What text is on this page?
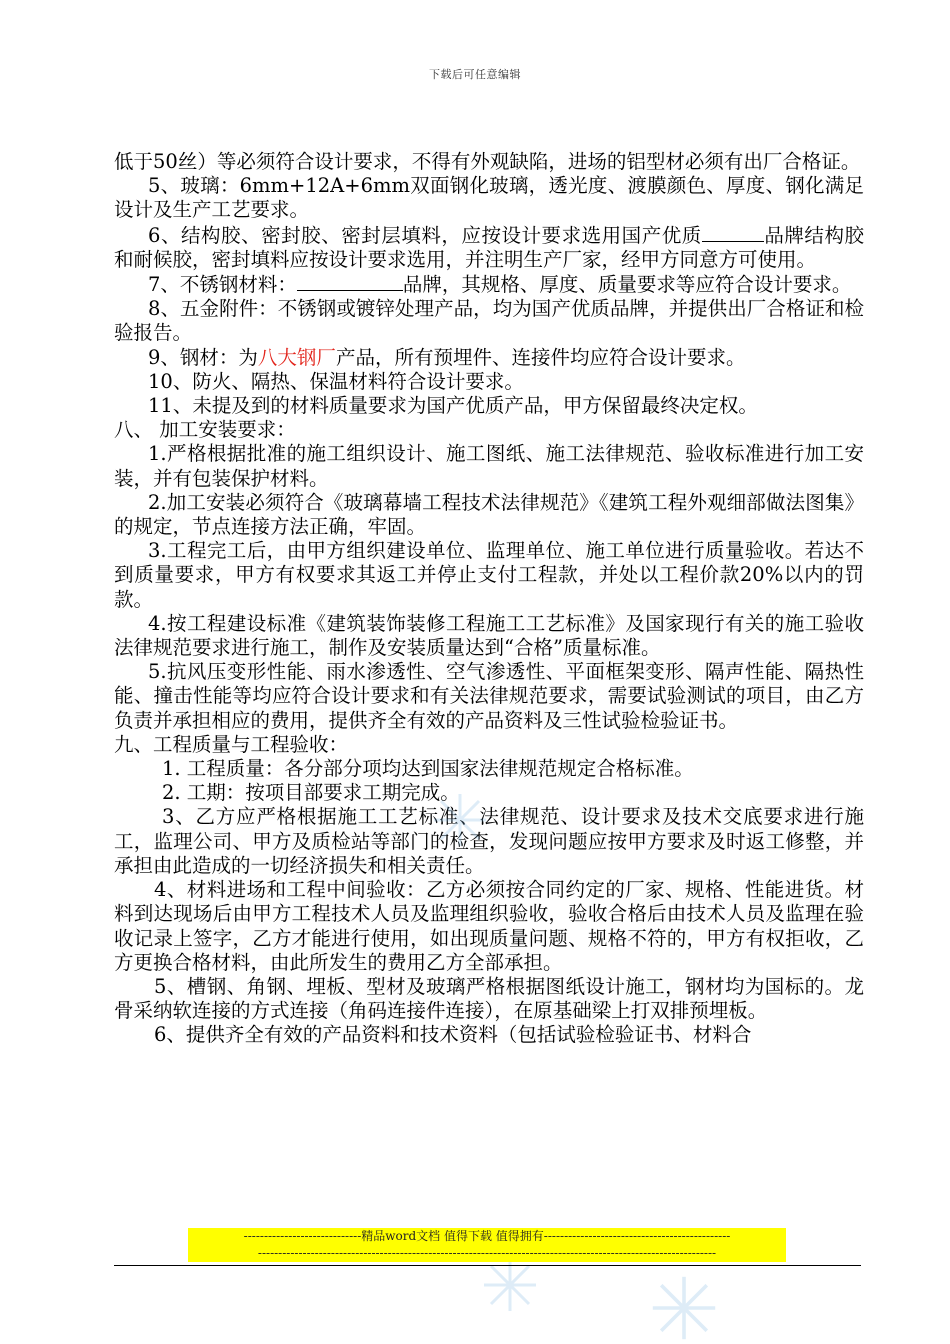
下载后可任意编辑

低于50丝）等必须符合设计要求，不得有外观缺陷，进场的铝型材必须有出厂合格证。

5、玻璃：6mm+12A+6mm双面钢化玻璃，透光度、渡膜颜色、厚度、钢化满足设计及生产工艺要求。

6、结构胶、密封胶、密封层填料，应按设计要求选用国产优质	品牌结构胶和耐候胶，密封填料应按设计要求选用，并注明生产厂家，经甲方同意方可使用。

7、不锈钢材料：	品牌，其规格、厚度、质量要求等应符合设计要求。

8、五金附件：不锈钢或镀锌处理产品，均为国产优质品牌，并提供出厂合格证和检验报告。

9、钢材：为八大钢厂产品，所有预埋件、连接件均应符合设计要求。

10、防火、隔热、保温材料符合设计要求。

11、未提及到的材料质量要求为国产优质产品，甲方保留最终决定权。

八、 加工安装要求：

1.严格根据批准的施工组织设计、施工图纸、施工法律规范、验收标准进行加工安装，并有包装保护材料。

2.加工安装必须符合《玻璃幕墙工程技术法律规范》《建筑工程外观细部做法图集》的规定，节点连接方法正确，牢固。

3.工程完工后，由甲方组织建设单位、监理单位、施工单位进行质量验收。若达不到质量要求，甲方有权要求其返工并停止支付工程款，并处以工程价款20%以内的罚款。

4.按工程建设标准《建筑装饰装修工程施工工艺标准》及国家现行有关的施工验收法律规范要求进行施工，制作及安装质量达到“合格”质量标准。

5.抗风压变形性能、雨水渗透性、空气渗透性、平面框架变形、隔声性能、隔热性能、撞击性能等均应符合设计要求和有关法律规范要求，需要试验测试的项目，由乙方负责并承担相应的费用，提供齐全有效的产品资料及三性试验检验证书。

九、工程质量与工程验收：

1. 工程质量：各分部分项均达到国家法律规范规定合格标准。

2. 工期：按项目部要求工期完成。

3、乙方应严格根据施工工艺标准、法律规范、设计要求及技术交底要求进行施工，监理公司、甲方及质检站等部门的检查，发现问题应按甲方要求及时返工修整，并承担由此造成的一切经济损失和相关责任。

4、材料进场和工程中间验收：乙方必须按合同约定的厂家、规格、性能进货。材料到达现场后由甲方工程技术人员及监理组织验收，验收合格后由技术人员及监理在验收记录上签字，乙方才能进行使用，如出现质量问题、规格不符的，甲方有权拒收，乙方更换合格材料，由此所发生的费用乙方全部承担。

5、槽钢、角钢、埋板、型材及玻璃严格根据图纸设计施工，钢材均为国标的。龙骨采纳软连接的方式连接（角码连接件连接），在原基础梁上打双排预埋板。

6、提供齐全有效的产品资料和技术资料（包括试验检验证书、材料合

-----------------------------精品word文档 值得下载 值得拥有----------------------------------------------
-----------------------------------------------------------------------------------------------------------------
